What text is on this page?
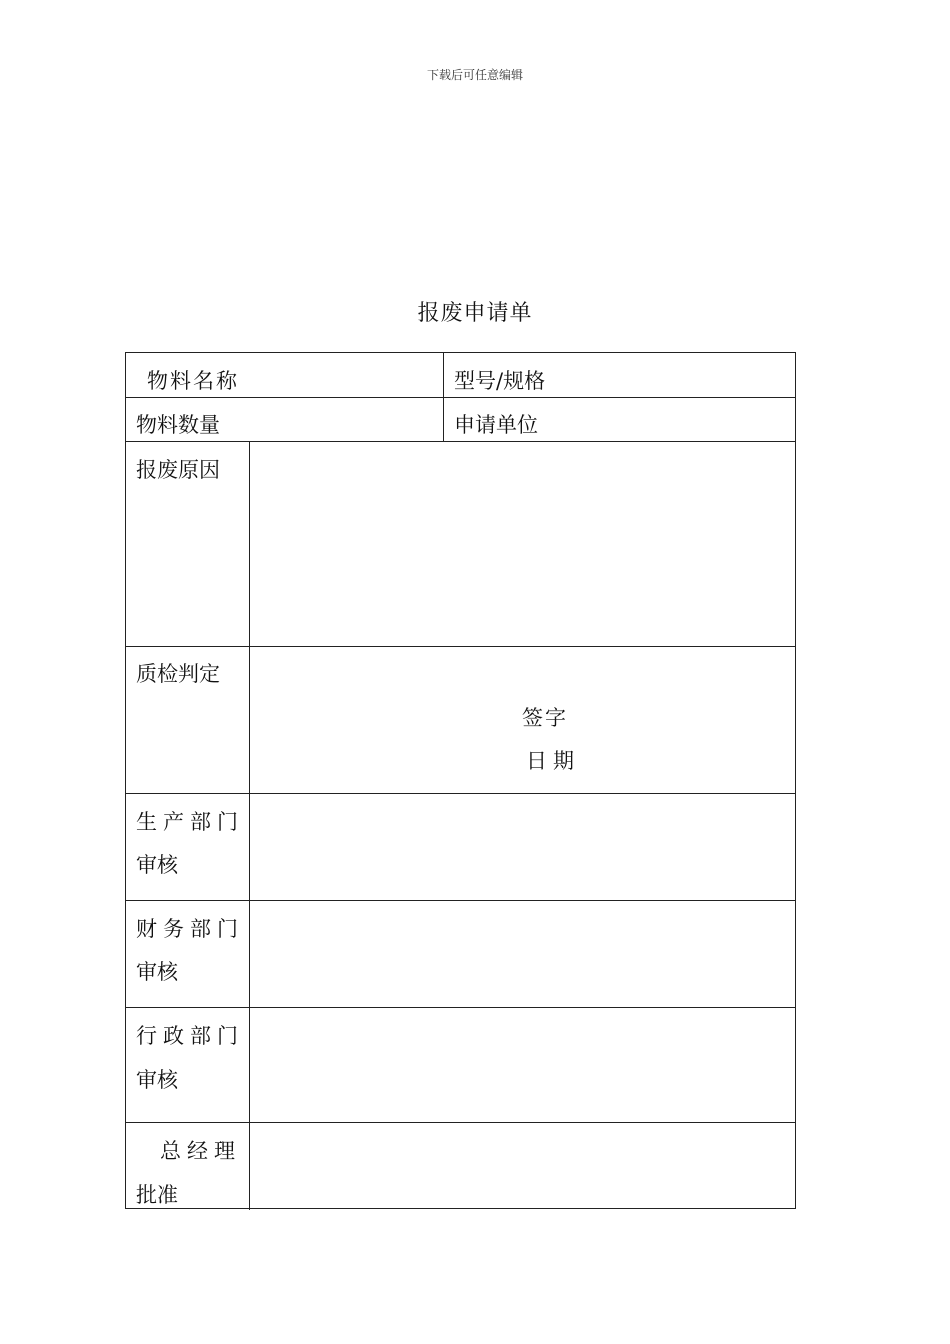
下载后可任意编辑
报废申请单
物料名称	型号/规格
物料数量	申请单位
报废原因
质检判定
签字
日期
生产部门
审核
财务部门
审核
行政部门
审核
总经理
批准
